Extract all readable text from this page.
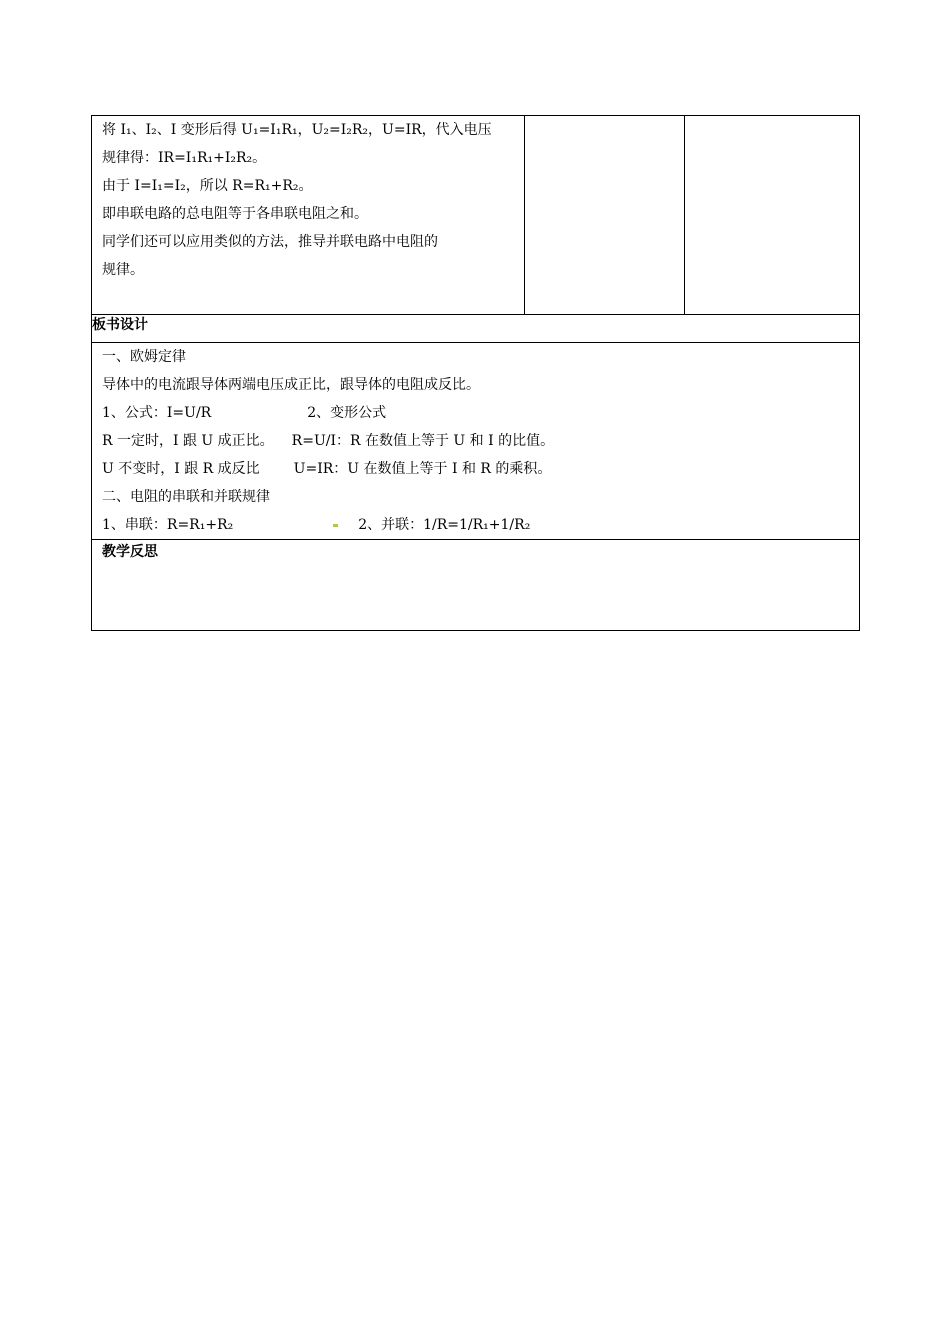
将 I₁、I₂、I 变形后得 U₁=I₁R₁，U₂=I₂R₂，U=IR，代入电压

规律得：IR=I₁R₁+I₂R₂。

由于 I=I₁=I₂，所以 R=R₁+R₂。

即串联电路的总电阻等于各串联电阻之和。

同学们还可以应用类似的方法，推导并联电路中电阻的

规律。

板书设计

一、欧姆定律

导体中的电流跟导体两端电压成正比，跟导体的电阻成反比。

1、公式：I=U/R	2、变形公式

R 一定时，I 跟 U 成正比。 R=U/I：R 在数值上等于 U 和 I 的比值。

U 不变时，I 跟 R 成反比 U=IR：U 在数值上等于 I 和 R 的乘积。

二、电阻的串联和并联规律

1、串联：R=R₁+R₂	2、并联：1/R=1/R₁+1/R₂

教学反思
